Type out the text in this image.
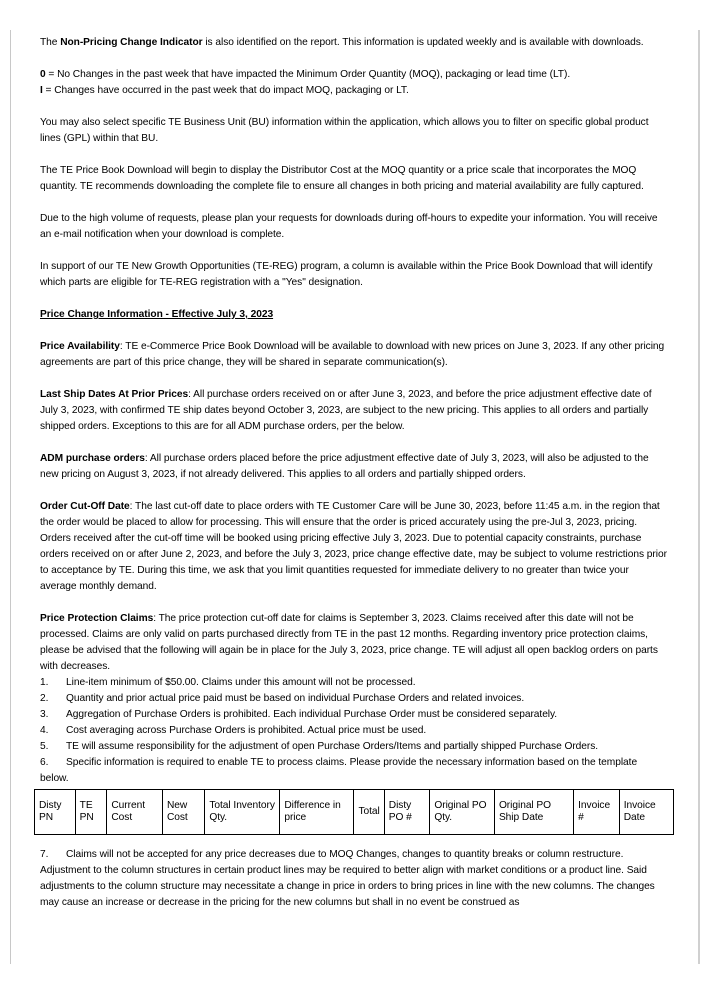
The Non-Pricing Change Indicator is also identified on the report. This information is updated weekly and is available with downloads.

0 = No Changes in the past week that have impacted the Minimum Order Quantity (MOQ), packaging or lead time (LT).

I = Changes have occurred in the past week that do impact MOQ, packaging or LT.

You may also select specific TE Business Unit (BU) information within the application, which allows you to filter on specific global product lines (GPL) within that BU.

The TE Price Book Download will begin to display the Distributor Cost at the MOQ quantity or a price scale that incorporates the MOQ quantity. TE recommends downloading the complete file to ensure all changes in both pricing and material availability are fully captured.

Due to the high volume of requests, please plan your requests for downloads during off-hours to expedite your information. You will receive an e-mail notification when your download is complete.

In support of our TE New Growth Opportunities (TE-REG) program, a column is available within the Price Book Download that will identify which parts are eligible for TE-REG registration with a "Yes" designation.

Price Change Information - Effective July 3, 2023

Price Availability: TE e-Commerce Price Book Download will be available to download with new prices on June 3, 2023. If any other pricing agreements are part of this price change, they will be shared in separate communication(s).

Last Ship Dates At Prior Prices: All purchase orders received on or after June 3, 2023, and before the price adjustment effective date of July 3, 2023, with confirmed TE ship dates beyond October 3, 2023, are subject to the new pricing. This applies to all orders and partially shipped orders. Exceptions to this are for all ADM purchase orders, per the below.

ADM purchase orders: All purchase orders placed before the price adjustment effective date of July 3, 2023, will also be adjusted to the new pricing on August 3, 2023, if not already delivered. This applies to all orders and partially shipped orders.

Order Cut-Off Date: The last cut-off date to place orders with TE Customer Care will be June 30, 2023, before 11:45 a.m. in the region that the order would be placed to allow for processing. This will ensure that the order is priced accurately using the pre-Jul 3, 2023, pricing. Orders received after the cut-off time will be booked using pricing effective July 3, 2023. Due to potential capacity constraints, purchase orders received on or after June 2, 2023, and before the July 3, 2023, price change effective date, may be subject to volume restrictions prior to acceptance by TE. During this time, we ask that you limit quantities requested for immediate delivery to no greater than twice your average monthly demand.

Price Protection Claims: The price protection cut-off date for claims is September 3, 2023. Claims received after this date will not be processed. Claims are only valid on parts purchased directly from TE in the past 12 months. Regarding inventory price protection claims, please be advised that the following will again be in place for the July 3, 2023, price change. TE will adjust all open backlog orders on parts with decreases.

1. Line-item minimum of $50.00. Claims under this amount will not be processed.
2. Quantity and prior actual price paid must be based on individual Purchase Orders and related invoices.
3. Aggregation of Purchase Orders is prohibited. Each individual Purchase Order must be considered separately.
4. Cost averaging across Purchase Orders is prohibited. Actual price must be used.
5. TE will assume responsibility for the adjustment of open Purchase Orders/Items and partially shipped Purchase Orders.
6. Specific information is required to enable TE to process claims. Please provide the necessary information based on the template below.
Disty PN	TE PN	Current Cost	New Cost	Total Inventory Qty.	Difference in price	Total	Disty PO #	Original PO Qty.	Original PO Ship Date	Invoice #	Invoice Date

7. Claims will not be accepted for any price decreases due to MOQ Changes, changes to quantity breaks or column restructure. Adjustment to the column structures in certain product lines may be required to better align with market conditions or a product line. Said adjustments to the column structure may necessitate a change in price in orders to bring prices in line with the new columns. The changes may cause an increase or decrease in the pricing for the new columns but shall in no event be construed as
